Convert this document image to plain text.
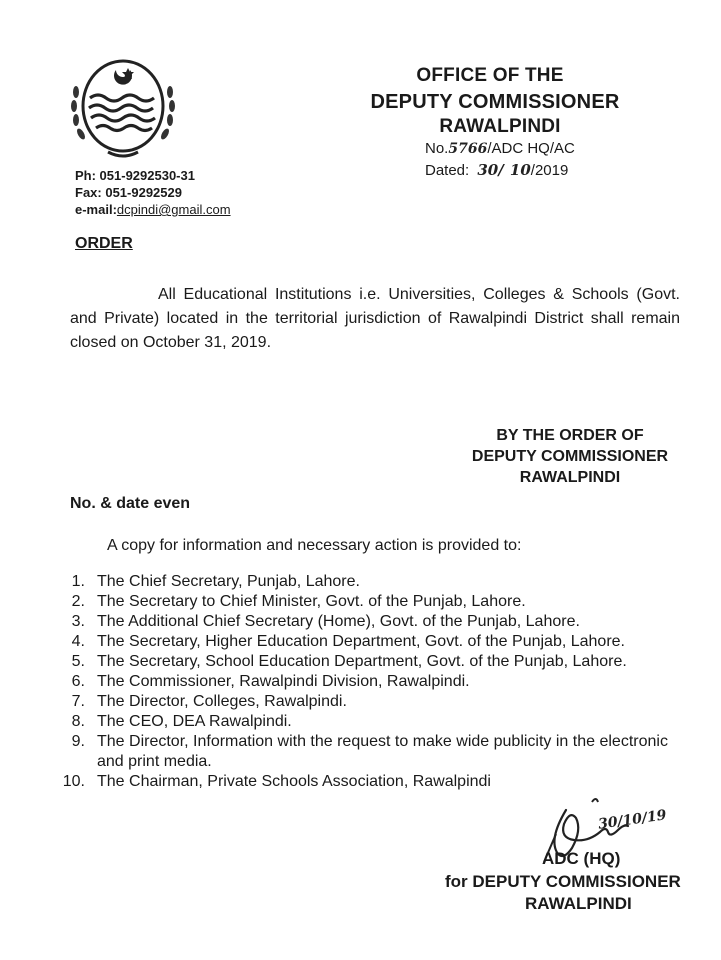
OFFICE OF THE
DEPUTY COMMISSIONER
RAWALPINDI
No.5766/ADC HQ/AC
Dated: 30/ 10/2019
Ph: 051-9292530-31
Fax: 051-9292529
e-mail:dcpindi@gmail.com
ORDER
All Educational Institutions i.e. Universities, Colleges & Schools (Govt. and Private) located in the territorial jurisdiction of Rawalpindi District shall remain closed on October 31, 2019.
BY THE ORDER OF
DEPUTY COMMISSIONER
RAWALPINDI
No. & date even
A copy for information and necessary action is provided to:
1. The Chief Secretary, Punjab, Lahore.
2. The Secretary to Chief Minister, Govt. of the Punjab, Lahore.
3. The Additional Chief Secretary (Home), Govt. of the Punjab, Lahore.
4. The Secretary, Higher Education Department, Govt. of the Punjab, Lahore.
5. The Secretary, School Education Department, Govt. of the Punjab, Lahore.
6. The Commissioner, Rawalpindi Division, Rawalpindi.
7. The Director, Colleges, Rawalpindi.
8. The CEO, DEA Rawalpindi.
9. The Director, Information with the request to make wide publicity in the electronic and print media.
10. The Chairman, Private Schools Association, Rawalpindi
30/10/19
ADC (HQ)
for DEPUTY COMMISSIONER
RAWALPINDI
